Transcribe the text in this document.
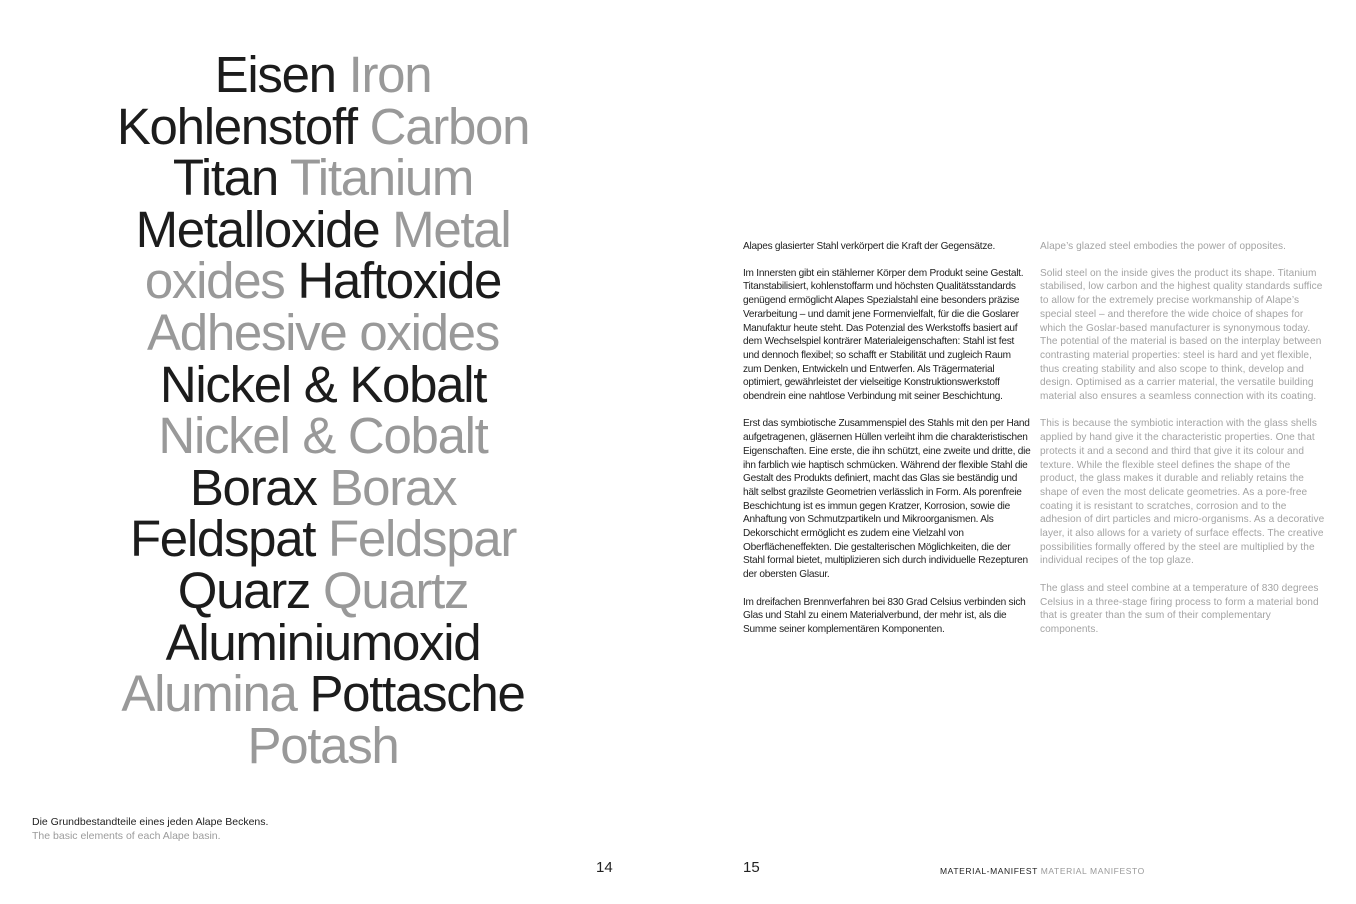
Eisen Iron
Kohlenstoff Carbon
Titan Titanium
Metalloxide Metal
oxides Haftoxide
Adhesive oxides
Nickel & Kobalt
Nickel & Cobalt
Borax Borax
Feldspat Feldspar
Quarz Quartz
Aluminiumoxid
Alumina Pottasche
Potash
Die Grundbestandteile eines jeden Alape Beckens.
The basic elements of each Alape basin.
14	15	MATERIAL-MANIFEST MATERIAL MANIFESTO

Alapes glasierter Stahl verkörpert die Kraft der Gegensätze.

Im Innersten gibt ein stählerner Körper dem Produkt seine Gestalt. Titanstabilisiert, kohlenstoffarm und höchsten Qualitätsstandards genügend ermöglicht Alapes Spezialstahl eine besonders präzise Verarbeitung – und damit jene Formenvielfalt, für die die Goslarer Manufaktur heute steht. Das Potenzial des Werkstoffs basiert auf dem Wechselspiel konträrer Materialeigenschaften: Stahl ist fest und dennoch flexibel; so schafft er Stabilität und zugleich Raum zum Denken, Entwickeln und Entwerfen. Als Trägermaterial optimiert, gewährleistet der vielseitige Konstruktionswerkstoff obendrein eine nahtlose Verbindung mit seiner Beschichtung.

Erst das symbiotische Zusammenspiel des Stahls mit den per Hand aufgetragenen, gläsernen Hüllen verleiht ihm die charakteristischen Eigenschaften. Eine erste, die ihn schützt, eine zweite und dritte, die ihn farblich wie haptisch schmücken. Während der flexible Stahl die Gestalt des Produkts definiert, macht das Glas sie beständig und hält selbst grazilste Geometrien verlässlich in Form. Als porenfreie Beschichtung ist es immun gegen Kratzer, Korrosion, sowie die Anhaftung von Schmutzpartikeln und Mikroorganismen. Als Dekorschicht ermöglicht es zudem eine Vielzahl von Oberflächeneffekten. Die gestalterischen Möglichkeiten, die der Stahl formal bietet, multiplizieren sich durch individuelle Rezepturen der obersten Glasur.

Im dreifachen Brennverfahren bei 830 Grad Celsius verbinden sich Glas und Stahl zu einem Materialverbund, der mehr ist, als die Summe seiner komplementären Komponenten.

Alape’s glazed steel embodies the power of opposites.

Solid steel on the inside gives the product its shape. Titanium stabilised, low carbon and the highest quality standards suffice to allow for the extremely precise workmanship of Alape’s special steel – and therefore the wide choice of shapes for which the Goslar-based manufacturer is synonymous today. The potential of the material is based on the interplay between contrasting material properties: steel is hard and yet flexible, thus creating stability and also scope to think, develop and design. Optimised as a carrier material, the versatile building material also ensures a seamless connection with its coating.

This is because the symbiotic interaction with the glass shells applied by hand give it the characteristic properties. One that protects it and a second and third that give it its colour and texture. While the flexible steel defines the shape of the product, the glass makes it durable and reliably retains the shape of even the most delicate geometries. As a pore-free coating it is resistant to scratches, corrosion and to the adhesion of dirt particles and micro-organisms. As a decorative layer, it also allows for a variety of surface effects. The creative possibilities formally offered by the steel are multiplied by the individual recipes of the top glaze.

The glass and steel combine at a temperature of 830 degrees Celsius in a three-stage firing process to form a material bond that is greater than the sum of their complementary components.
